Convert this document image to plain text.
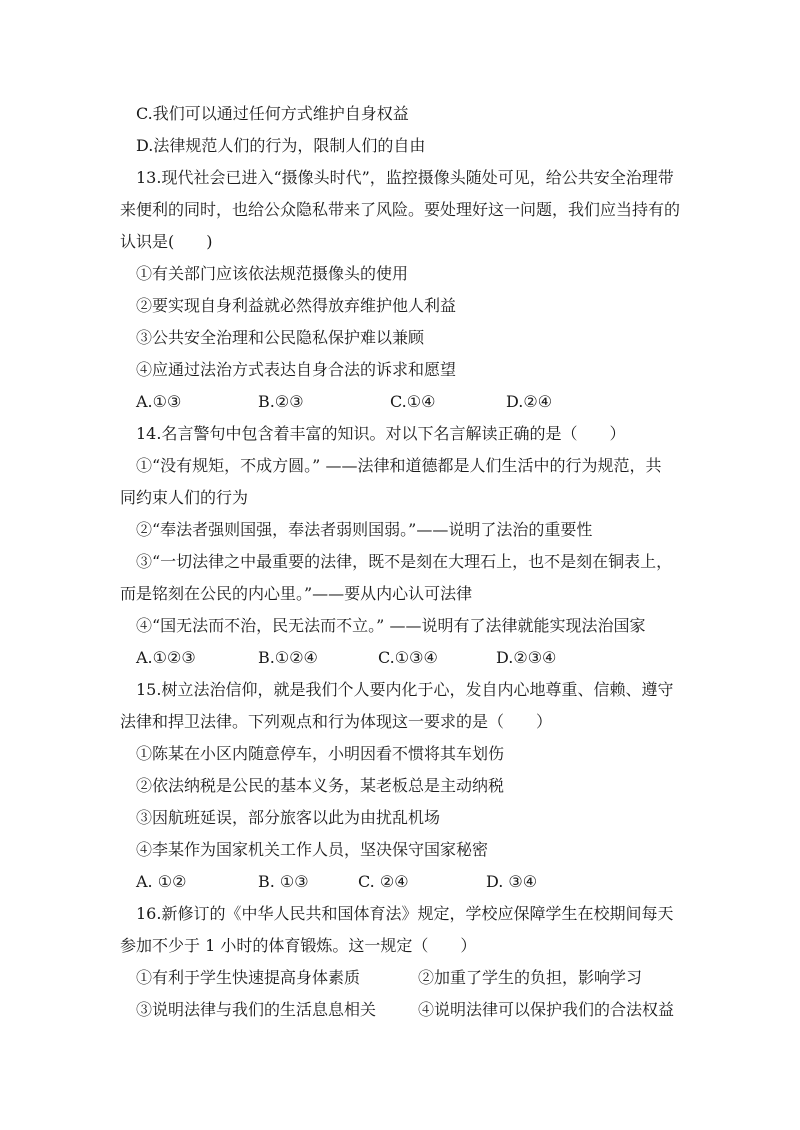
C.我们可以通过任何方式维护自身权益
D.法律规范人们的行为，限制人们的自由
13.现代社会已进入“摄像头时代”，监控摄像头随处可见，给公共安全治理带
来便利的同时，也给公众隐私带来了风险。要处理好这一问题，我们应当持有的
认识是(　　)
①有关部门应该依法规范摄像头的使用
②要实现自身利益就必然得放弃维护他人利益
③公共安全治理和公民隐私保护难以兼顾
④应通过法治方式表达自身合法的诉求和愿望
A.①③	B.②③	C.①④	D.②④
14.名言警句中包含着丰富的知识。对以下名言解读正确的是（　　）
①“没有规矩，不成方圆。” ——法律和道德都是人们生活中的行为规范，共
同约束人们的行为
②“奉法者强则国强，奉法者弱则国弱。”——说明了法治的重要性
③“一切法律之中最重要的法律，既不是刻在大理石上，也不是刻在铜表上，
而是铭刻在公民的内心里。”——要从内心认可法律
④“国无法而不治，民无法而不立。” ——说明有了法律就能实现法治国家
A.①②③	B.①②④	C.①③④	D.②③④
15.树立法治信仰，就是我们个人要内化于心，发自内心地尊重、信赖、遵守
法律和捍卫法律。下列观点和行为体现这一要求的是（　　）
①陈某在小区内随意停车，小明因看不惯将其车划伤
②依法纳税是公民的基本义务，某老板总是主动纳税
③因航班延误，部分旅客以此为由扰乱机场
④李某作为国家机关工作人员，坚决保守国家秘密
A. ①②	B. ①③	C. ②④	D. ③④
16.新修订的《中华人民共和国体育法》规定，学校应保障学生在校期间每天
参加不少于 1 小时的体育锻炼。这一规定（　　）
①有利于学生快速提高身体素质	②加重了学生的负担，影响学习
③说明法律与我们的生活息息相关	④说明法律可以保护我们的合法权益
